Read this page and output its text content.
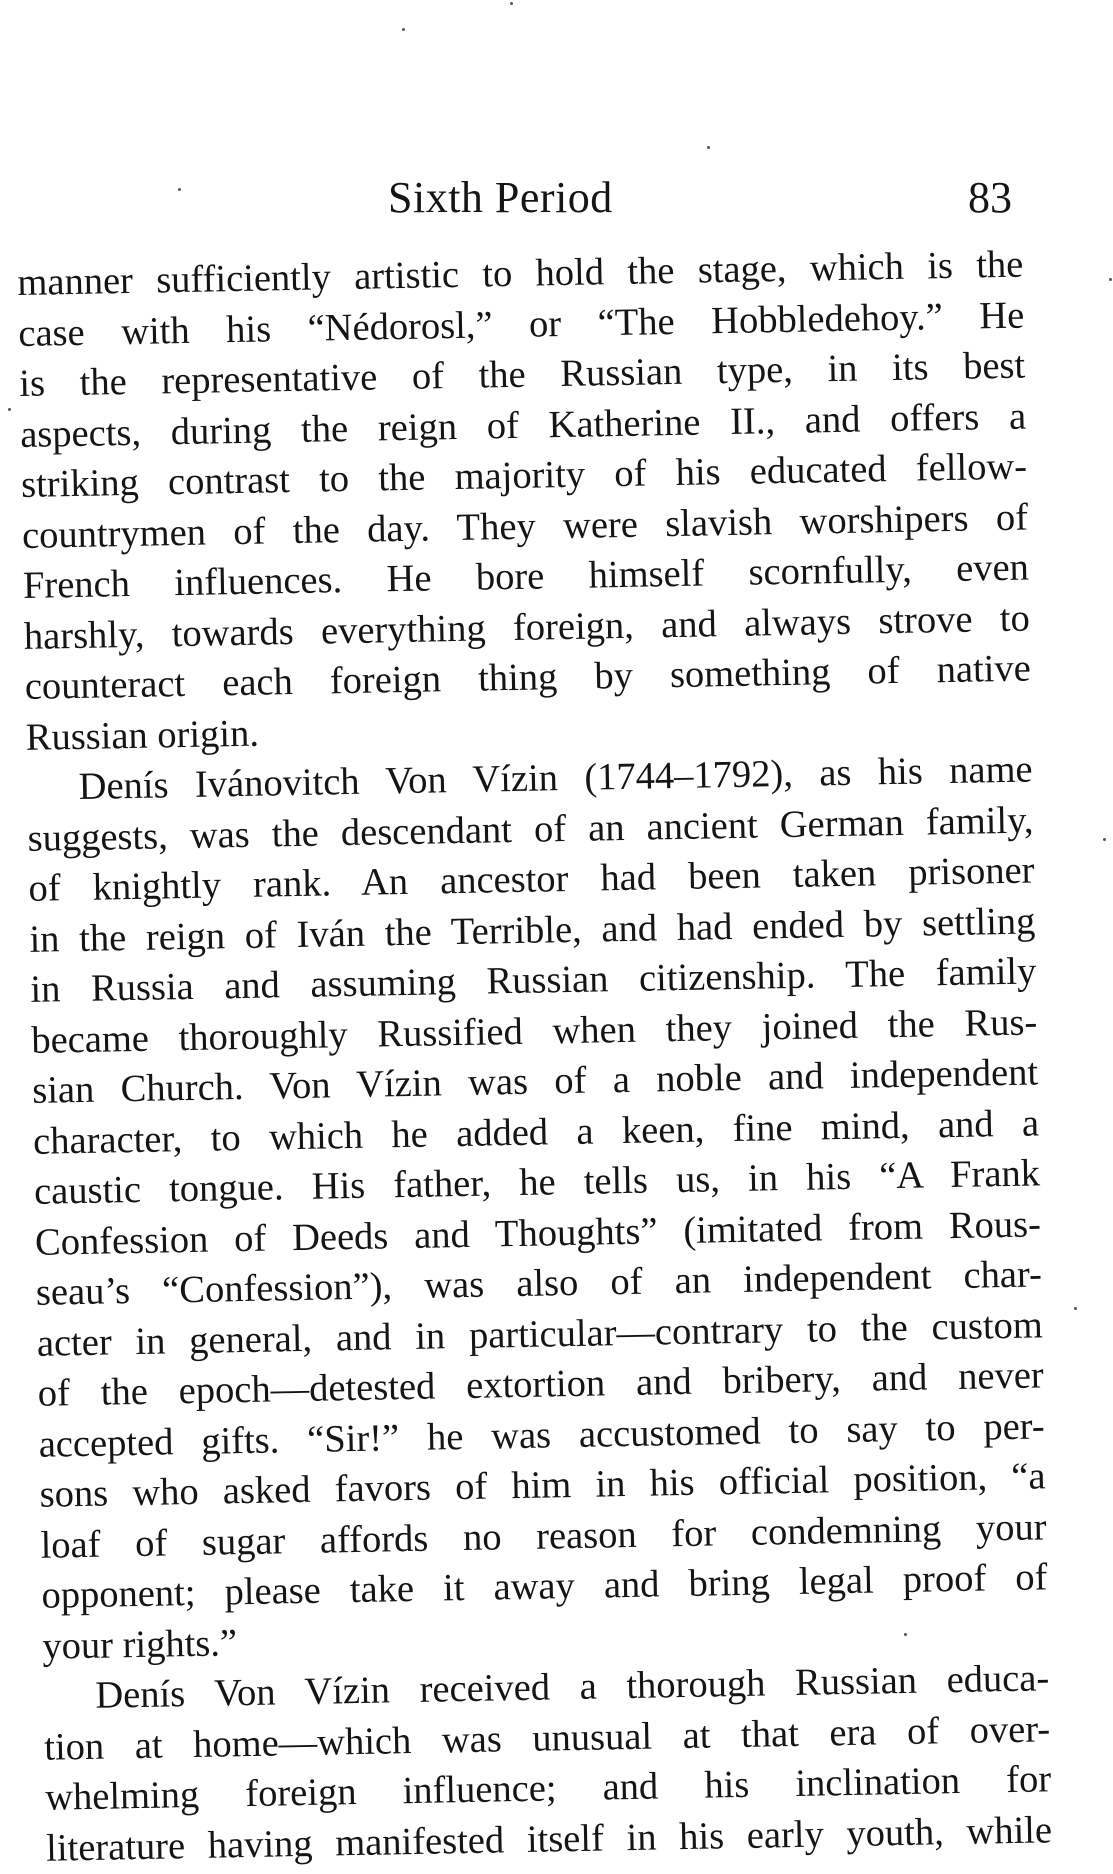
Sixth Period	83
manner sufficiently artistic to hold the stage, which is the
case with his “Nédorosl,” or “The Hobbledehoy.” He
is the representative of the Russian type, in its best
aspects, during the reign of Katherine II., and offers a
striking contrast to the majority of his educated fellow-
countrymen of the day. They were slavish worshipers of
French influences. He bore himself scornfully, even
harshly, towards everything foreign, and always strove to
counteract each foreign thing by something of native
Russian origin.
Denís Ivánovitch Von Vízin (1744–1792), as his name
suggests, was the descendant of an ancient German family,
of knightly rank. An ancestor had been taken prisoner
in the reign of Iván the Terrible, and had ended by settling
in Russia and assuming Russian citizenship. The family
became thoroughly Russified when they joined the Rus-
sian Church. Von Vízin was of a noble and independent
character, to which he added a keen, fine mind, and a
caustic tongue. His father, he tells us, in his “A Frank
Confession of Deeds and Thoughts” (imitated from Rous-
seau’s “Confession”), was also of an independent char-
acter in general, and in particular—contrary to the custom
of the epoch—detested extortion and bribery, and never
accepted gifts. “Sir!” he was accustomed to say to per-
sons who asked favors of him in his official position, “a
loaf of sugar affords no reason for condemning your
opponent; please take it away and bring legal proof of
your rights.”
Denís Von Vízin received a thorough Russian educa-
tion at home—which was unusual at that era of over-
whelming foreign influence; and his inclination for
literature having manifested itself in his early youth, while
